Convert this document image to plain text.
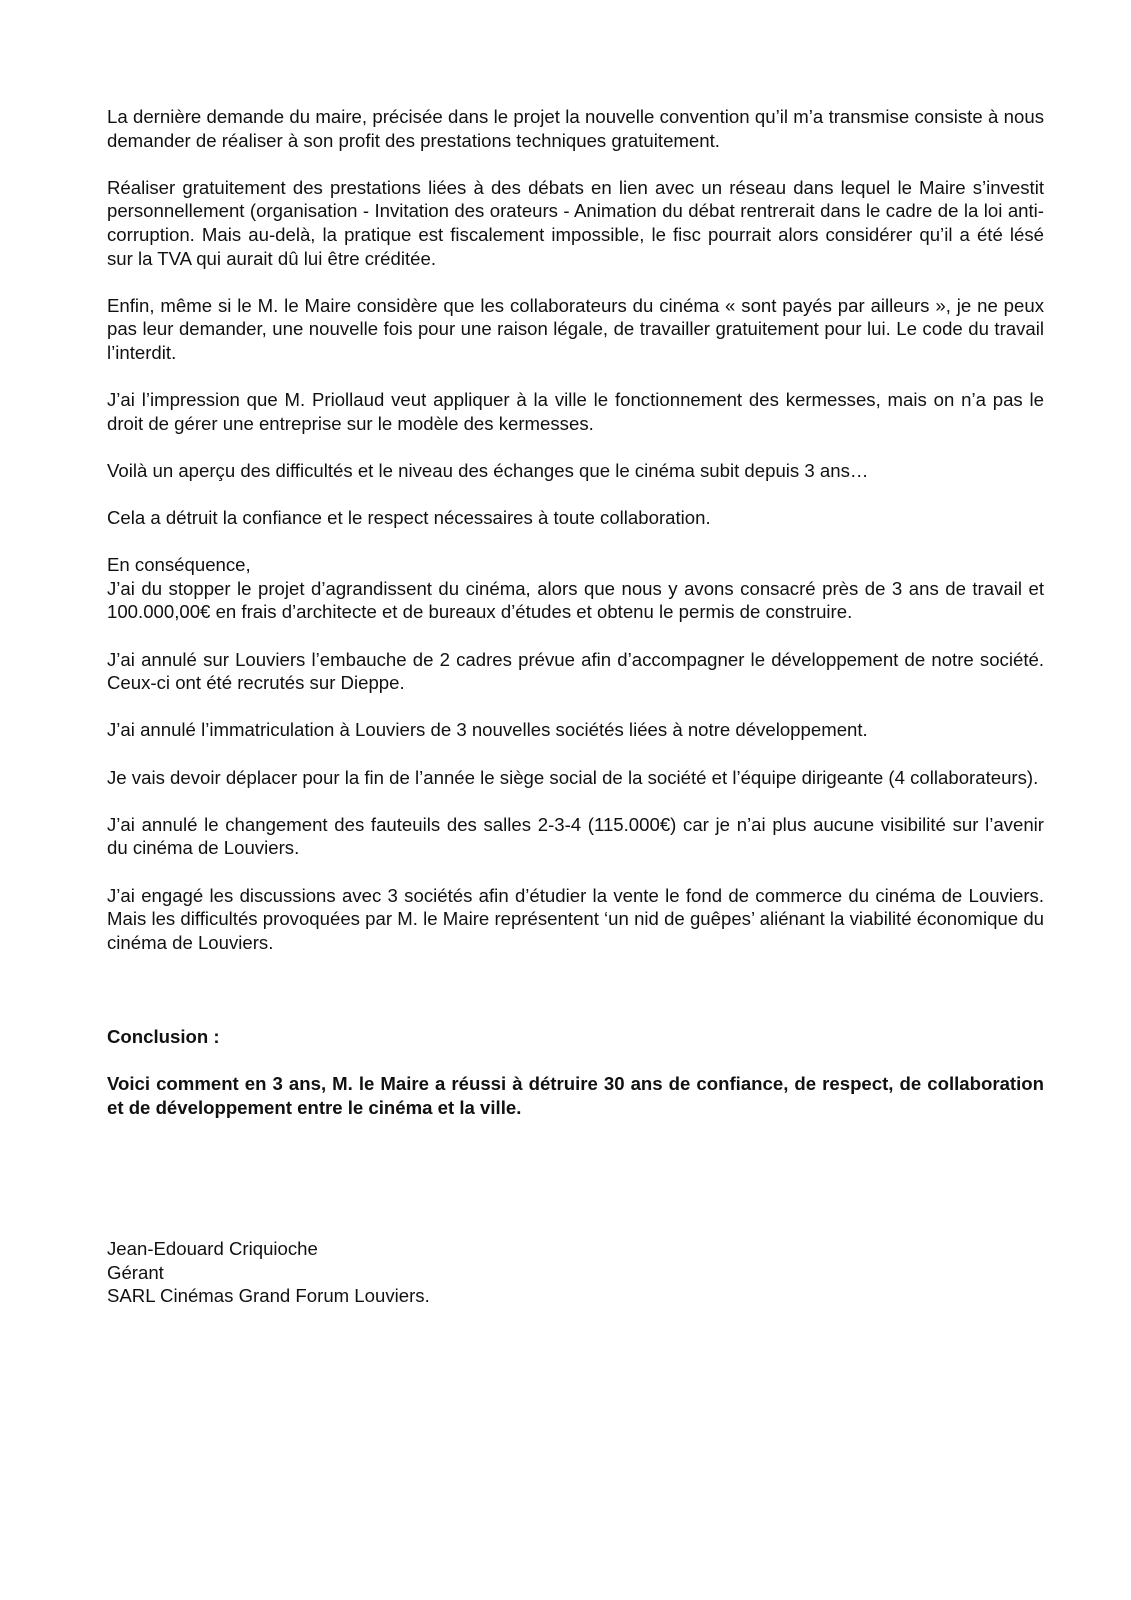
La dernière demande du maire, précisée dans le projet la nouvelle convention qu’il m’a transmise consiste à nous demander de réaliser à son profit des prestations techniques gratuitement.

Réaliser gratuitement des prestations liées à des débats en lien avec un réseau dans lequel le Maire s’investit personnellement (organisation - Invitation des orateurs - Animation du débat rentrerait dans le cadre de la loi anti-corruption. Mais au-delà, la pratique est fiscalement impossible, le fisc pourrait alors considérer qu’il a été lésé sur la TVA qui aurait dû lui être créditée.

Enfin, même si le M. le Maire considère que les collaborateurs du cinéma « sont payés par ailleurs », je ne peux pas leur demander, une nouvelle fois pour une raison légale, de travailler gratuitement pour lui. Le code du travail l’interdit.

J’ai l’impression que M. Priollaud veut appliquer à la ville le fonctionnement des kermesses, mais on n’a pas le droit de gérer une entreprise sur le modèle des kermesses.

Voilà un aperçu des difficultés et le niveau des échanges que le cinéma subit depuis 3 ans…

Cela a détruit la confiance et le respect nécessaires à toute collaboration.

En conséquence,
J’ai du stopper le projet d’agrandissent du cinéma, alors que nous y avons consacré près de 3 ans de travail et 100.000,00€ en frais d’architecte et de bureaux d’études et obtenu le permis de construire.

J’ai annulé sur Louviers l’embauche de 2 cadres prévue afin d’accompagner le développement de notre société. Ceux-ci ont été recrutés sur Dieppe.

J’ai annulé l’immatriculation à Louviers de 3 nouvelles sociétés liées à notre développement.

Je vais devoir déplacer pour la fin de l’année le siège social de la société et l’équipe dirigeante (4 collaborateurs).

J’ai annulé le changement des fauteuils des salles 2-3-4 (115.000€) car je n’ai plus aucune visibilité sur l’avenir du cinéma de Louviers.

J’ai engagé les discussions avec 3 sociétés afin d’étudier la vente le fond de commerce du cinéma de Louviers. Mais les difficultés provoquées par M. le Maire représentent ‘un nid de guêpes’ aliénant la viabilité économique du cinéma de Louviers.

Conclusion :

Voici comment en 3 ans, M. le Maire a réussi à détruire 30 ans de confiance, de respect, de collaboration et de développement entre le cinéma et la ville.

Jean-Edouard Criquioche
Gérant
SARL Cinémas Grand Forum Louviers.
